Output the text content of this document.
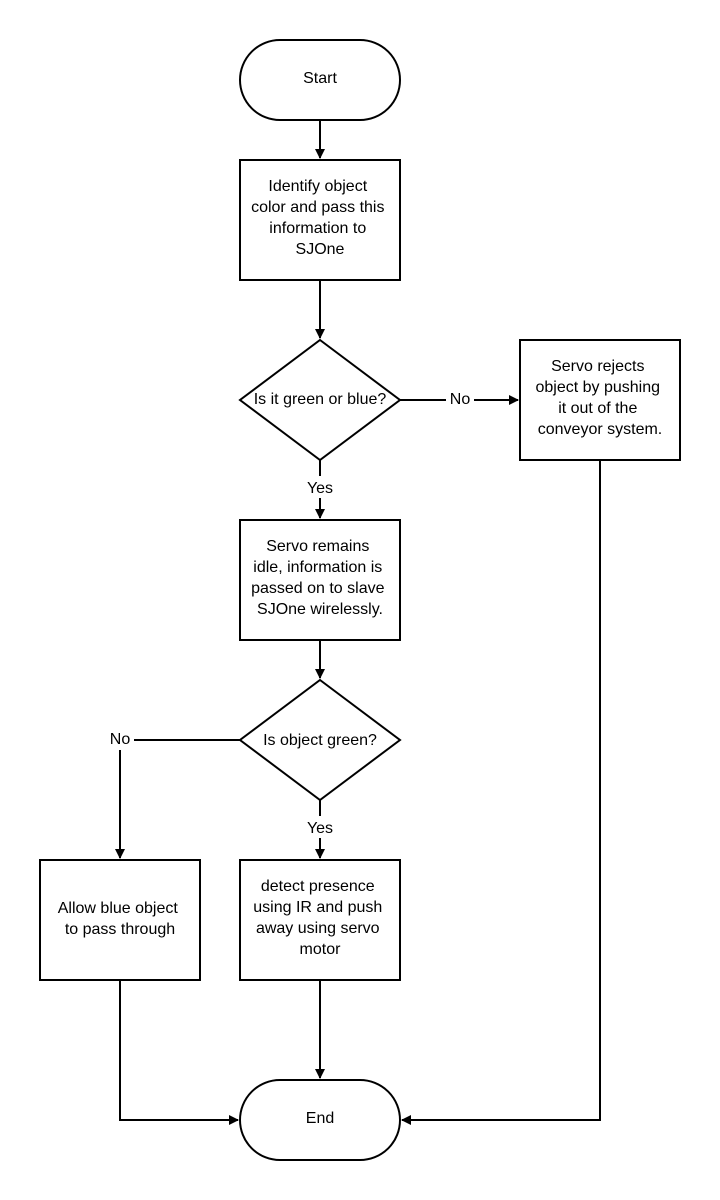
No
Yes
No
Yes
Start
Identify object color and pass this information to SJOne
Is it green or blue?
Servo rejects object by pushing it out of the conveyor system.
Servo remains idle, information is passed on to slave SJOne wirelessly.
Is object green?
Allow blue object to pass through
detect presence using IR and push away using servo motor
End
